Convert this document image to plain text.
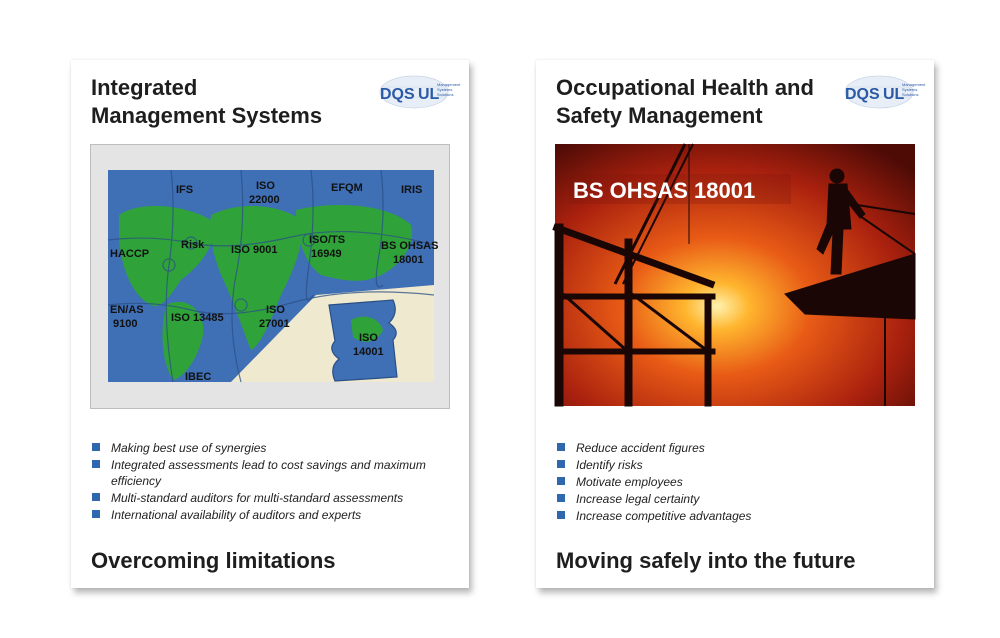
Integrated
Management Systems
DQS UL
Management
Systems
Solutions
IFS	ISO
22000
EFQM	IRIS
HACCP
Risk ISO 9001
ISO/TS
16949
BS OHSAS
18001
EN/AS
9100	ISO 13485
ISO
27001
ISO
14001
IBEC
Making best use of synergies
Integrated assessments lead to cost savings and maximum efficiency
Multi-standard auditors for multi-standard assessments
International availability of auditors and experts
Overcoming limitations
Occupational Health and
Safety Management
DQS UL
Management
Systems
Solutions
BS OHSAS 18001
Reduce accident figures
Identify risks
Motivate employees
Increase legal certainty
Increase competitive advantages
Moving safely into the future
